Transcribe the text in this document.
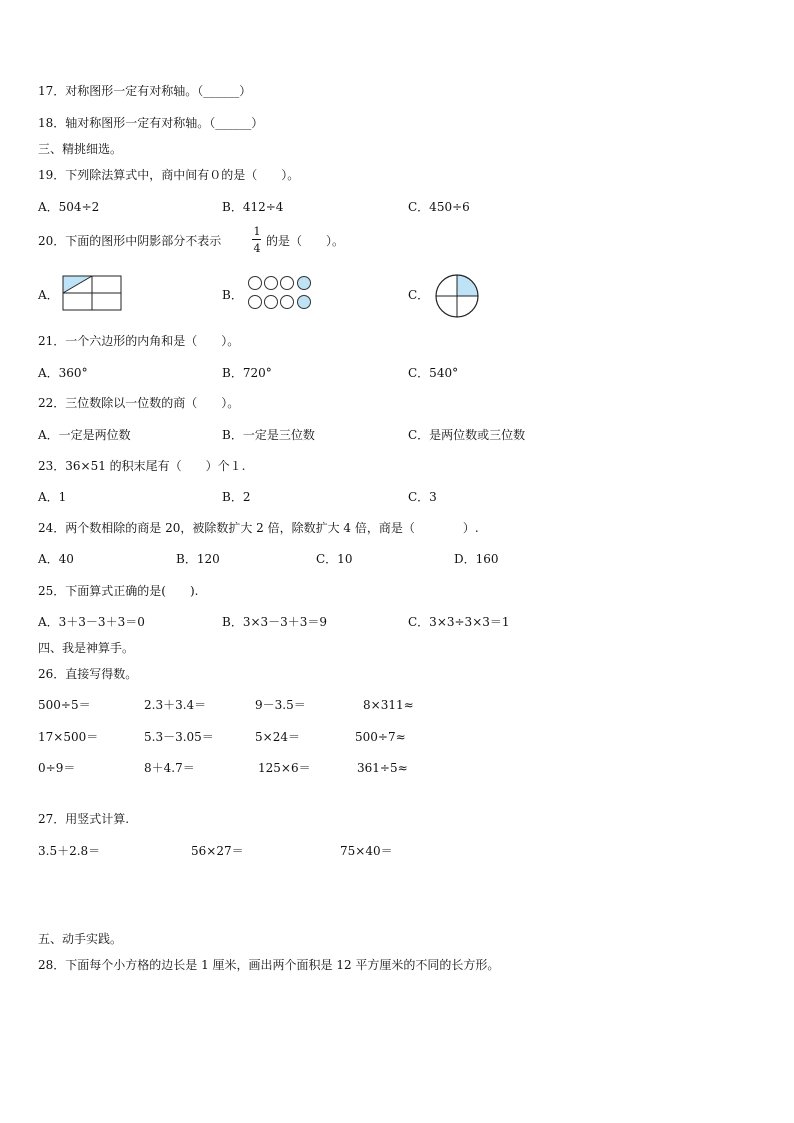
17．对称图形一定有对称轴。（______）
18．轴对称图形一定有对称轴。（______）
三、精挑细选。
19．下列除法算式中，商中间有０的是（　　）。
A．504÷2	B．412÷4	C．450÷6
20．下面的图形中阴影部分不表示
1
4
的是（　　）。
A．	B．	C．
21．一个六边形的内角和是（　　）。
A．360°	B．720°	C．540°
22．三位数除以一位数的商（　　）。
A．一定是两位数	B．一定是三位数	C．是两位数或三位数
23．36×51 的积末尾有（　　）个１.
A．1	B．2	C．3
24．两个数相除的商是 20，被除数扩大 2 倍，除数扩大 4 倍，商是（　　　　）.
A．40	B．120	C．10	D．160
25．下面算式正确的是(　　).
A．3＋3－3＋3＝0	B．3×3－3＋3＝9	C．3×3÷3×3＝1
四、我是神算手。
26．直接写得数。
500÷5＝	2.3＋3.4＝	9－3.5＝	8×311≈
17×500＝	5.3－3.05＝	5×24＝	500÷7≈
0÷9＝	8＋4.7＝	125×6＝	361÷5≈
27．用竖式计算.
3.5＋2.8＝	56×27＝	75×40＝
五、动手实践。
28．下面每个小方格的边长是 1 厘米，画出两个面积是 12 平方厘米的不同的长方形。
